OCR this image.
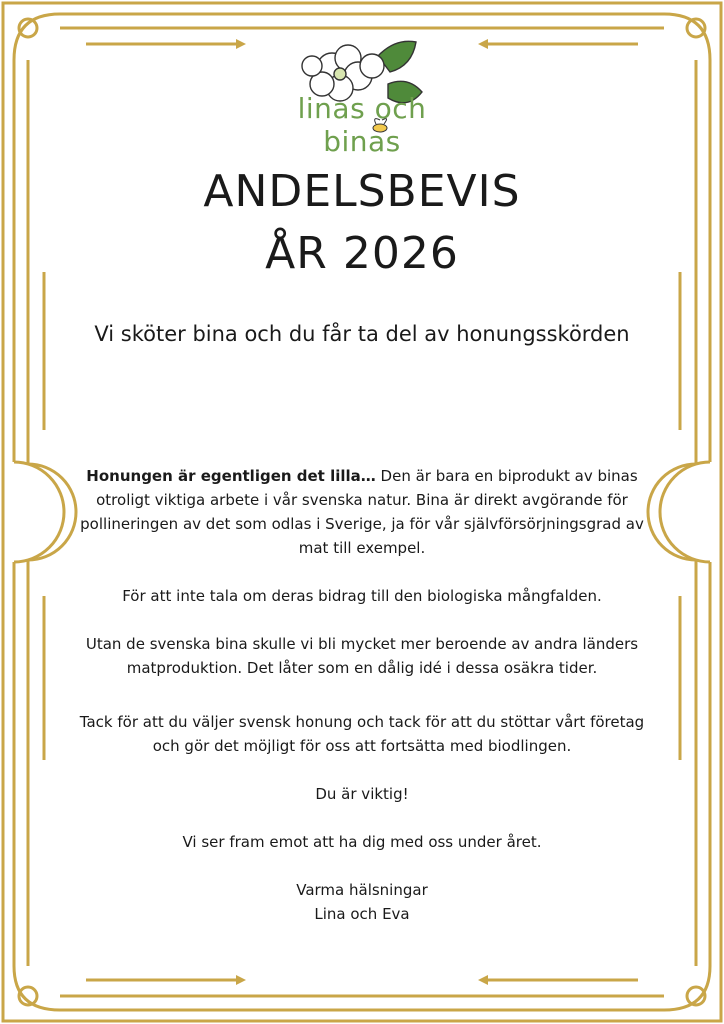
linas och binas
ANDELSBEVIS
ÅR 2026
Vi sköter bina och du får ta del av honungsskörden

Honungen är egentligen det lilla… Den är bara en biprodukt av binas otroligt viktiga arbete i vår svenska natur. Bina är direkt avgörande för pollineringen av det som odlas i Sverige, ja för vår självförsörjningsgrad av mat till exempel.

För att inte tala om deras bidrag till den biologiska mångfalden.

Utan de svenska bina skulle vi bli mycket mer beroende av andra länders matproduktion. Det låter som en dålig idé i dessa osäkra tider.

Tack för att du väljer svensk honung och tack för att du stöttar vårt företag och gör det möjligt för oss att fortsätta med biodlingen.

Du är viktig!

Vi ser fram emot att ha dig med oss under året.

Varma hälsningar

Lina och Eva
